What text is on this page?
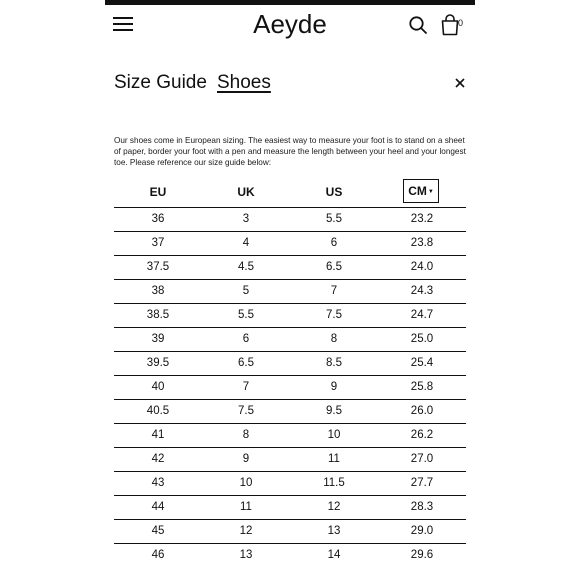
Aeyde	0
Size Guide Shoes
Our shoes come in European sizing. The easiest way to measure your foot is to stand on a sheet of paper, border your foot with a pen and measure the length between your heel and your longest toe. Please reference our size guide below:
EU	UK	US	CM▼
36	3	5.5	23.2
37	4	6	23.8
37.5	4.5	6.5	24.0
38	5	7	24.3
38.5	5.5	7.5	24.7
39	6	8	25.0
39.5	6.5	8.5	25.4
40	7	9	25.8
40.5	7.5	9.5	26.0
41	8	10	26.2
42	9	11	27.0
43	10	11.5	27.7
44	11	12	28.3
45	12	13	29.0
46	13	14	29.6
